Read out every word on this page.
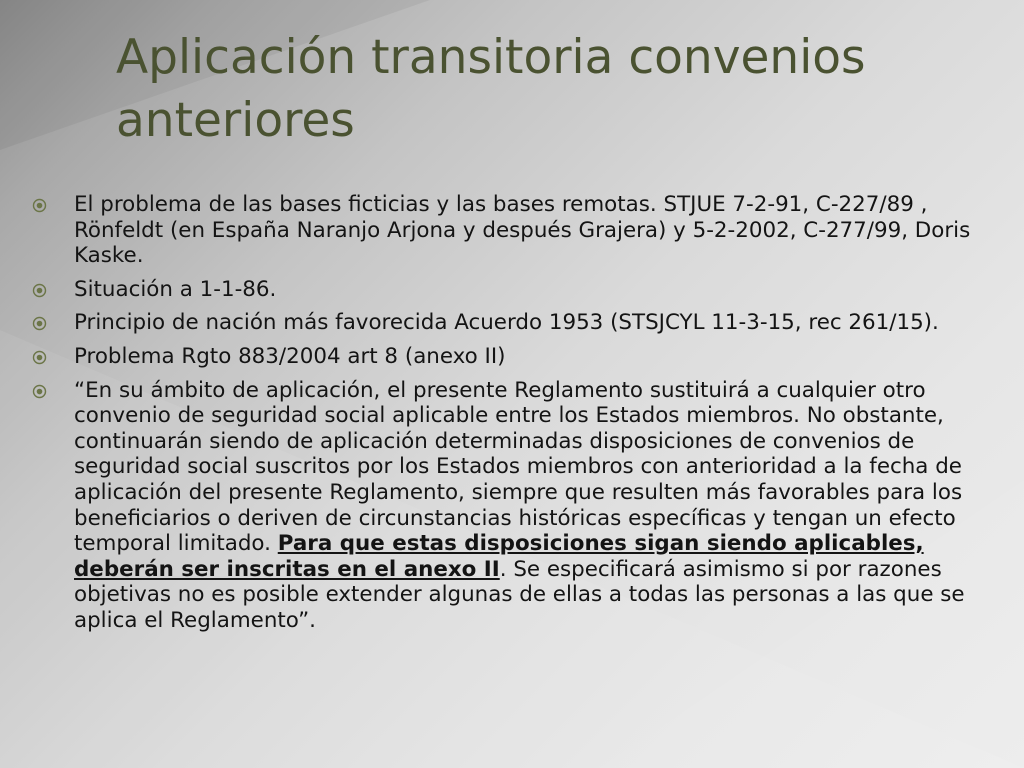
Aplicación transitoria convenios anteriores
El problema de las bases ficticias y las bases remotas. STJUE 7-2-91, C-227/89 , Rönfeldt (en España Naranjo Arjona y después Grajera) y 5-2-2002, C-277/99, Doris Kaske.
Situación a 1-1-86.
Principio de nación más favorecida Acuerdo 1953 (STSJCYL 11-3-15, rec 261/15).
Problema Rgto 883/2004 art 8 (anexo II)
“En su ámbito de aplicación, el presente Reglamento sustituirá a cualquier otro convenio de seguridad social aplicable entre los Estados miembros. No obstante, continuarán siendo de aplicación determinadas disposiciones de convenios de seguridad social suscritos por los Estados miembros con anterioridad a la fecha de aplicación del presente Reglamento, siempre que resulten más favorables para los beneficiarios o deriven de circunstancias históricas específicas y tengan un efecto temporal limitado. Para que estas disposiciones sigan siendo aplicables, deberán ser inscritas en el anexo II. Se especificará asimismo si por razones objetivas no es posible extender algunas de ellas a todas las personas a las que se aplica el Reglamento”.
